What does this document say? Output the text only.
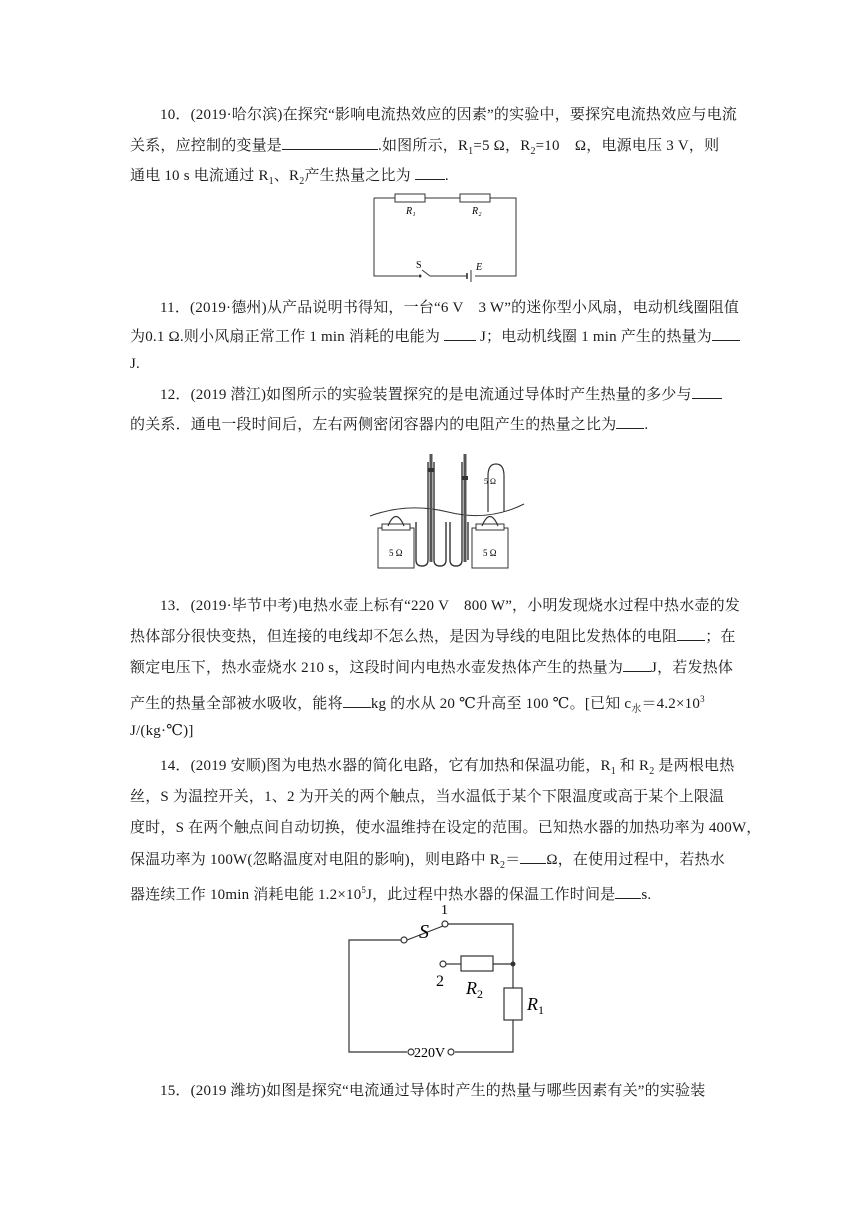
10．(2019·哈尔滨)在探究“影响电流热效应的因素”的实验中，要探究电流热效应与电流
关系，应控制的变量是	.如图所示，$R_1=5$ Ω，$R_2=10$　Ω，电源电压 3 V，则
通电 10 s 电流通过 $R_1$、$R_2$产生热量之比为 .
R₁	R₂
S	E
11．(2019·德州)从产品说明书得知，一台“6 V　3 W”的迷你型小风扇，电动机线圈阻值
为0.1 Ω.则小风扇正常工作 1 min 消耗的电能为	J；电动机线圈 1 min 产生的热量为
J.
12．(2019 潜江)如图所示的实验装置探究的是电流通过导体时产生热量的多少与
的关系．通电一段时间后，左右两侧密闭容器内的电阻产生的热量之比为 .
5 Ω	5 Ω
5 Ω
13．(2019·毕节中考)电热水壶上标有“220 V　800 W”，小明发现烧水过程中热水壶的发
热体部分很快变热，但连接的电线却不怎么热，是因为导线的电阻比发热体的电阻 ；在
额定电压下，热水壶烧水 210 s，这段时间内电热水壶发热体产生的热量为 J，若发热体
产生的热量全部被水吸收，能将 kg 的水从 20 ℃升高至 100 ℃。[已知 $c_水=4.2\times 10^3$
J/(kg·℃)]
14．(2019 安顺)图为电热水器的简化电路，它有加热和保温功能，$R_1$ 和 $R_2$ 是两根电热
丝，S 为温控开关，1、2 为开关的两个触点，当水温低于某个下限温度或高于某个上限温
度时，S 在两个触点间自动切换，使水温维持在设定的范围。已知热水器的加热功率为 400W，
保温功率为 100W(忽略温度对电阻的影响)，则电路中 $R_2= \Omega$，在使用过程中，若热水
器连续工作 10min 消耗电能 $1.2\times 10^5J$，此过程中热水器的保温工作时间是 s.
1
S
2 $R_2$ $R_1$
220V
15．(2019 潍坊)如图是探究“电流通过导体时产生的热量与哪些因素有关”的实验装
